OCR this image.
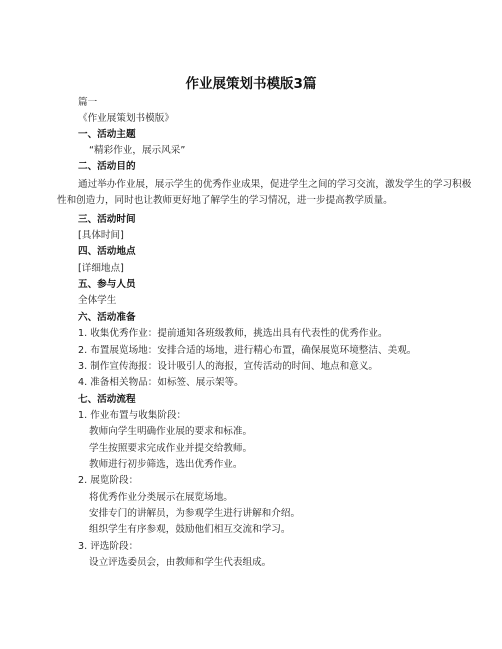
作业展策划书模版3篇
篇一
《作业展策划书模版》
一、活动主题
“精彩作业，展示风采”
二、活动目的
通过举办作业展，展示学生的优秀作业成果，促进学生之间的学习交流，激发学生的学习积极性和创造力，同时也让教师更好地了解学生的学习情况，进一步提高教学质量。
三、活动时间
[具体时间]
四、活动地点
[详细地点]
五、参与人员
全体学生
六、活动准备
1. 收集优秀作业：提前通知各班级教师，挑选出具有代表性的优秀作业。
2. 布置展览场地：安排合适的场地，进行精心布置，确保展览环境整洁、美观。
3. 制作宣传海报：设计吸引人的海报，宣传活动的时间、地点和意义。
4. 准备相关物品：如标签、展示架等。
七、活动流程
1. 作业布置与收集阶段：
教师向学生明确作业展的要求和标准。
学生按照要求完成作业并提交给教师。
教师进行初步筛选，选出优秀作业。
2. 展览阶段：
将优秀作业分类展示在展览场地。
安排专门的讲解员，为参观学生进行讲解和介绍。
组织学生有序参观，鼓励他们相互交流和学习。
3. 评选阶段：
设立评选委员会，由教师和学生代表组成。
